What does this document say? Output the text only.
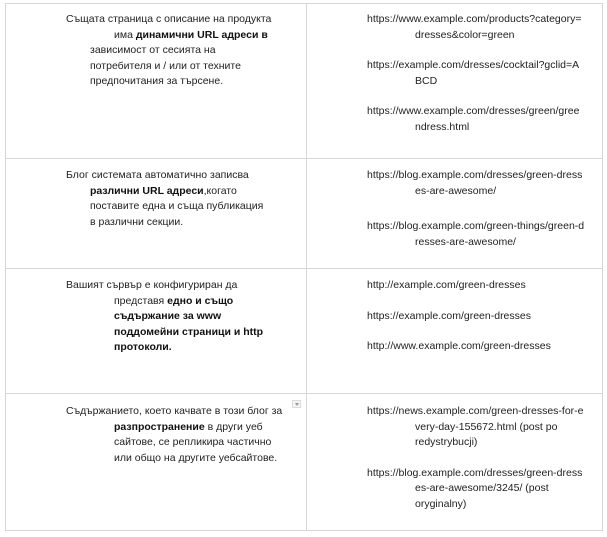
Същата страница с описание на продукта

има динамични URL адреси в
зависимост от сесията на
потребителя и / или от техните
предпочитания за търсене.
https://www.example.com/products?category=
dresses&color=green
https://example.com/dresses/cocktail?gclid=A
BCD
https://www.example.com/dresses/green/gree
ndress.html
Блог системата автоматично записва

различни URL адреси,когато
поставите една и съща публикация
в различни секции.
https://blog.example.com/dresses/green-dress
es-are-awesome/
https://blog.example.com/green-things/green-d
resses-are-awesome/
Вашият сървър е конфигуриран да

представя едно и също
съдържание за www
поддомейни страници и http
протоколи.
http://example.com/green-dresses
https://example.com/green-dresses
http://www.example.com/green-dresses
Съдържанието, което качвате в този блог за

разпространение в други уеб
сайтове, се репликира частично
или общо на другите уебсайтове.
https://news.example.com/green-dresses-for-e
very-day-155672.html (post po
redystrybucji)
https://blog.example.com/dresses/green-dress
es-are-awesome/3245/ (post
oryginalny)
